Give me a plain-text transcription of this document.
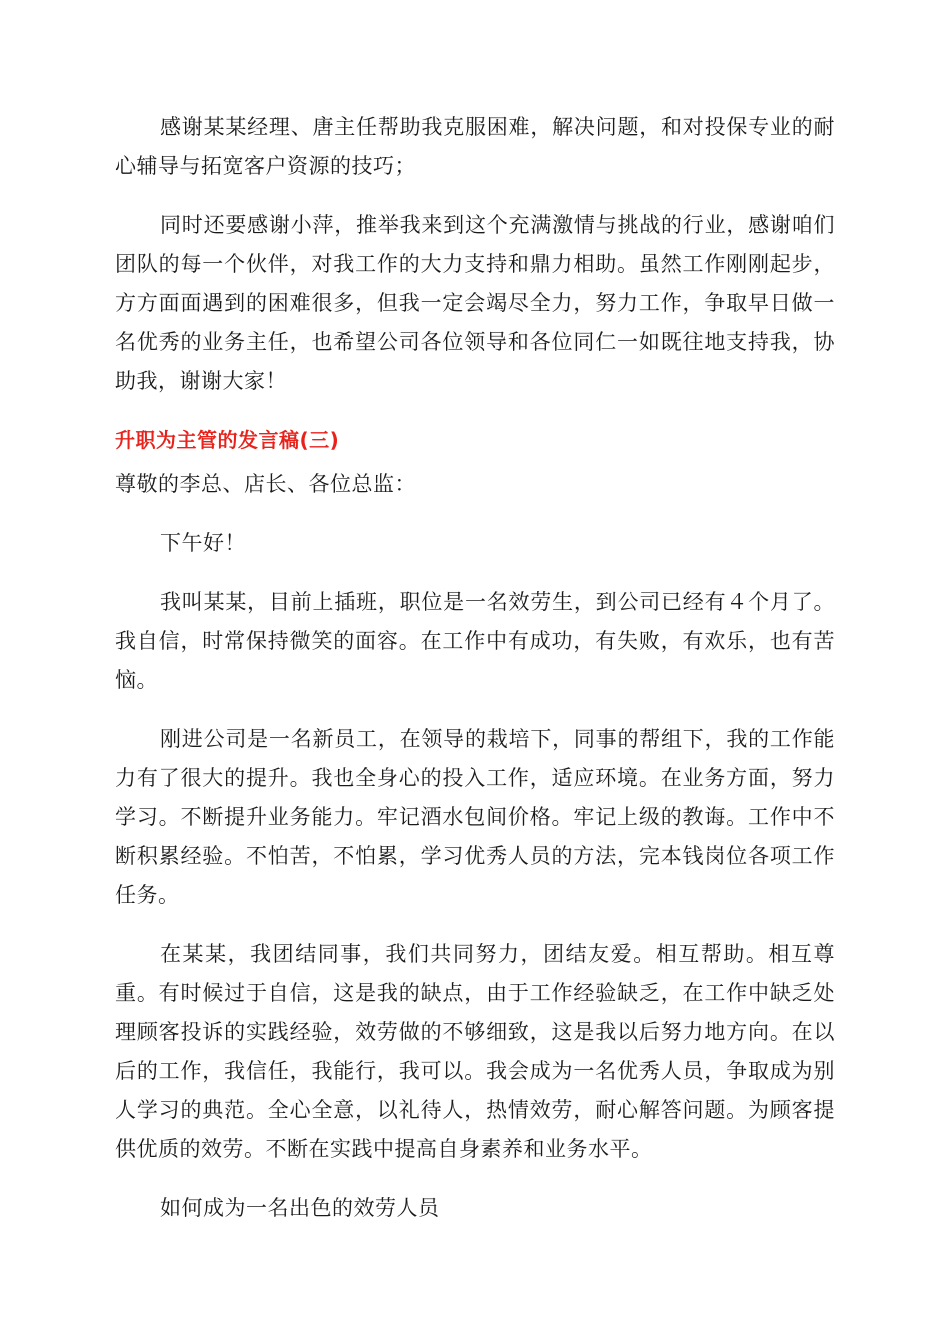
感谢某某经理、唐主任帮助我克服困难，解决问题，和对投保专业的耐心辅导与拓宽客户资源的技巧；

同时还要感谢小萍，推举我来到这个充满激情与挑战的行业，感谢咱们团队的每一个伙伴，对我工作的大力支持和鼎力相助。虽然工作刚刚起步，方方面面遇到的困难很多，但我一定会竭尽全力，努力工作，争取早日做一名优秀的业务主任，也希望公司各位领导和各位同仁一如既往地支持我，协助我，谢谢大家！

升职为主管的发言稿(三)

尊敬的李总、店长、各位总监：

下午好！

我叫某某，目前上插班，职位是一名效劳生，到公司已经有４个月了。我自信，时常保持微笑的面容。在工作中有成功，有失败，有欢乐，也有苦恼。

刚进公司是一名新员工，在领导的栽培下，同事的帮组下，我的工作能力有了很大的提升。我也全身心的投入工作，适应环境。在业务方面，努力学习。不断提升业务能力。牢记酒水包间价格。牢记上级的教诲。工作中不断积累经验。不怕苦，不怕累，学习优秀人员的方法，完本钱岗位各项工作任务。

在某某，我团结同事，我们共同努力，团结友爱。相互帮助。相互尊重。有时候过于自信，这是我的缺点，由于工作经验缺乏，在工作中缺乏处理顾客投诉的实践经验，效劳做的不够细致，这是我以后努力地方向。在以后的工作，我信任，我能行，我可以。我会成为一名优秀人员，争取成为别人学习的典范。全心全意，以礼待人，热情效劳，耐心解答问题。为顾客提供优质的效劳。不断在实践中提高自身素养和业务水平。

如何成为一名出色的效劳人员
